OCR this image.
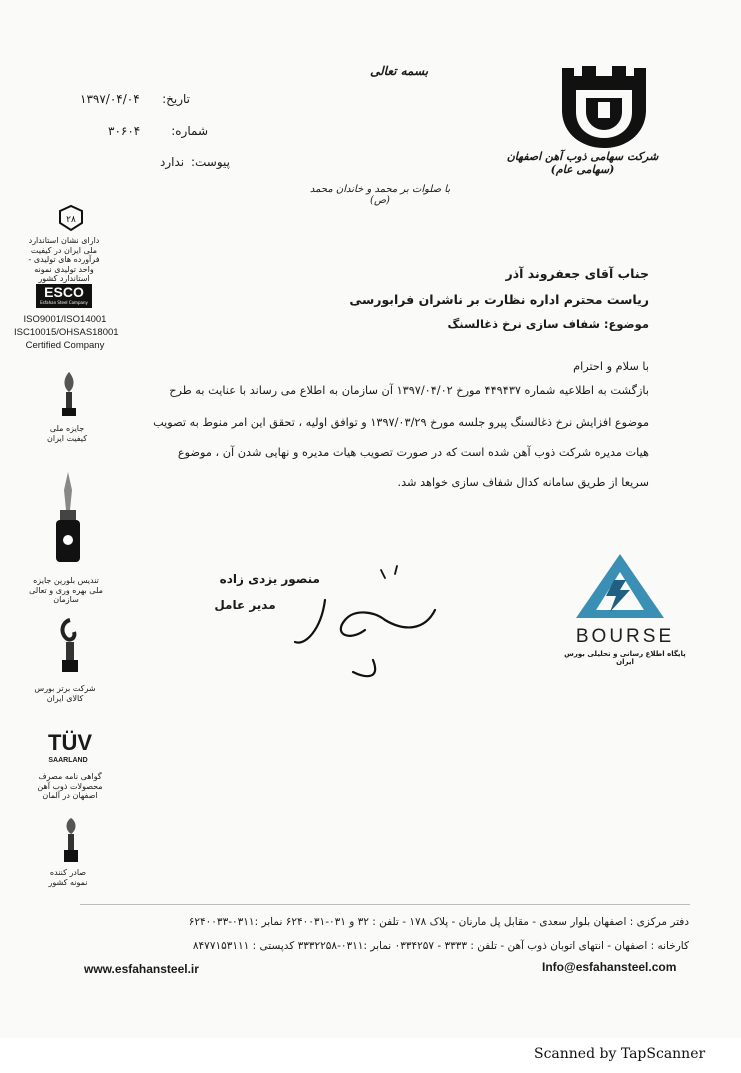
بسمه تعالی
تاریخ:
۱۳۹۷/۰۴/۰۴
شماره:
۳۰۶۰۴
پیوست:
ندارد	شرکت سهامی ذوب آهن اصفهان (سهامی عام)
با صلوات بر محمد و خاندان محمد (ص)
جناب آقای جعفروند آذر
ریاست محترم اداره نظارت بر ناشران فرابورسی
موضوع: شفاف سازی نرخ ذغالسنگ
با سلام و احترام
بازگشت به اطلاعیه شماره ۴۴۹۴۳۷ مورخ ۱۳۹۷/۰۴/۰۲ آن سازمان به اطلاع می رساند با عنایت به طرح
موضوع افزایش نرخ ذغالسنگ پیرو جلسه مورخ ۱۳۹۷/۰۳/۲۹ و توافق اولیه ، تحقق این امر منوط به تصویب
هیات مدیره شرکت ذوب آهن شده است که در صورت تصویب هیات مدیره و نهایی شدن آن ، موضوع
سریعا از طریق سامانه کدال شفاف سازی خواهد شد.
منصور یزدی زاده
مدیر عامل
BOURSE
پایگاه اطلاع رسانی و تحلیلی بورس ایران
۲۸
دارای نشان استاندارد ملی ایران در کیفیت فرآورده های تولیدی - واحد تولیدی نمونه استاندارد کشور
ESCO
Esfahan Steel Company
ISO9001/ISO14001
ISC10015/OHSAS18001
Certified Company
جایزه ملی کیفیت ایران
تندیس بلورین جایزه ملی بهره وری و تعالی سازمان
شرکت برتر بورس کالای ایران
TÜV
SAARLAND
گواهی نامه مصرف محصولات ذوب آهن اصفهان در آلمان
صادر کننده نمونه کشور
دفتر مرکزی : اصفهان بلوار سعدی - مقابل پل مارنان - پلاک ۱۷۸ - تلفن : ۳۲ و ۰۳۱-۶۲۴۰۰۳۱ نمابر :۰۳۱۱-۶۲۴۰۰۳۳
کارخانه : اصفهان - انتهای اتوبان ذوب آهن - تلفن : ۳۳۳۳ - ۰۳۳۴۲۵۷ نمابر :۰۳۱۱-۳۳۳۲۲۵۸ کدپستی : ۸۴۷۷۱۵۳۱۱۱
www.esfahansteel.ir	Info@esfahansteel.com
Scanned by TapScanner
